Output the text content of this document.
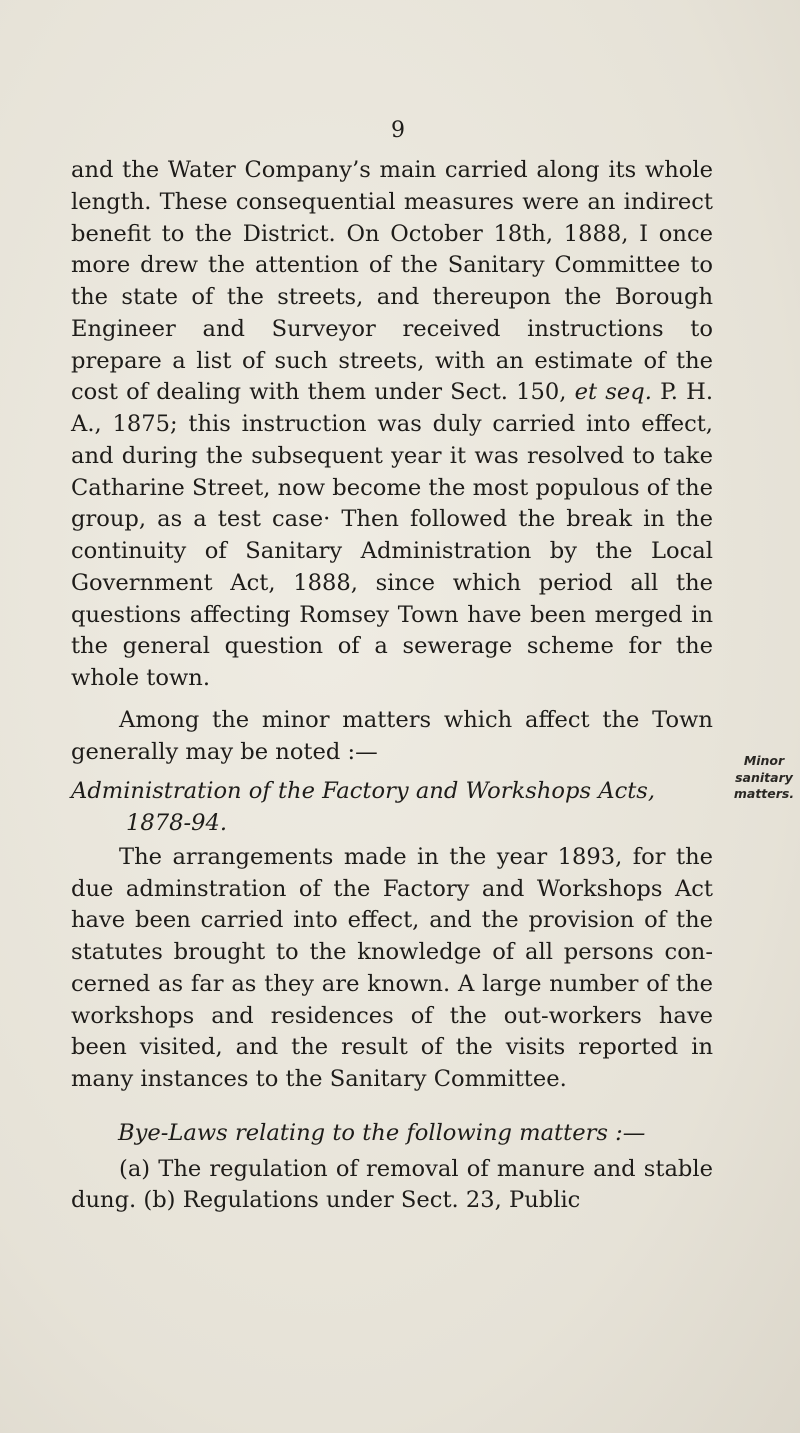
9

and the Water Company’s main carried along its whole length. These consequential measures were an indirect benefit to the District. On October 18th, 1888, I once more drew the attention of the Sanitary Committee to the state of the streets, and thereupon the Borough Engineer and Surveyor received instructions to prepare a list of such streets, with an estimate of the cost of dealing with them under Sect. 150, et seq. P. H. A., 1875; this instruction was duly carried into effect, and during the subsequent year it was resolved to take Catharine Street, now become the most populous of the group, as a test case· Then followed the break in the continuity of Sanitary Administration by the Local Government Act, 1888, since which period all the questions affecting Romsey Town have been merged in the general question of a sewerage scheme for the whole town.

Among the minor matters which affect the Town generally may be noted :—

Administration of the Factory and Workshops Acts,
1878-94.

The arrangements made in the year 1893, for the due adminstration of the Factory and Workshops Act have been carried into effect, and the provision of the statutes brought to the knowledge of all persons concerned as far as they are known. A large number of the workshops and residences of the out-workers have been visited, and the result of the visits reported in many instances to the Sanitary Committee.

Bye-Laws relating to the following matters :—

(a) The regulation of removal of manure and stable dung. (b) Regulations under Sect. 23, Public

Minor
sanitary
matters.
